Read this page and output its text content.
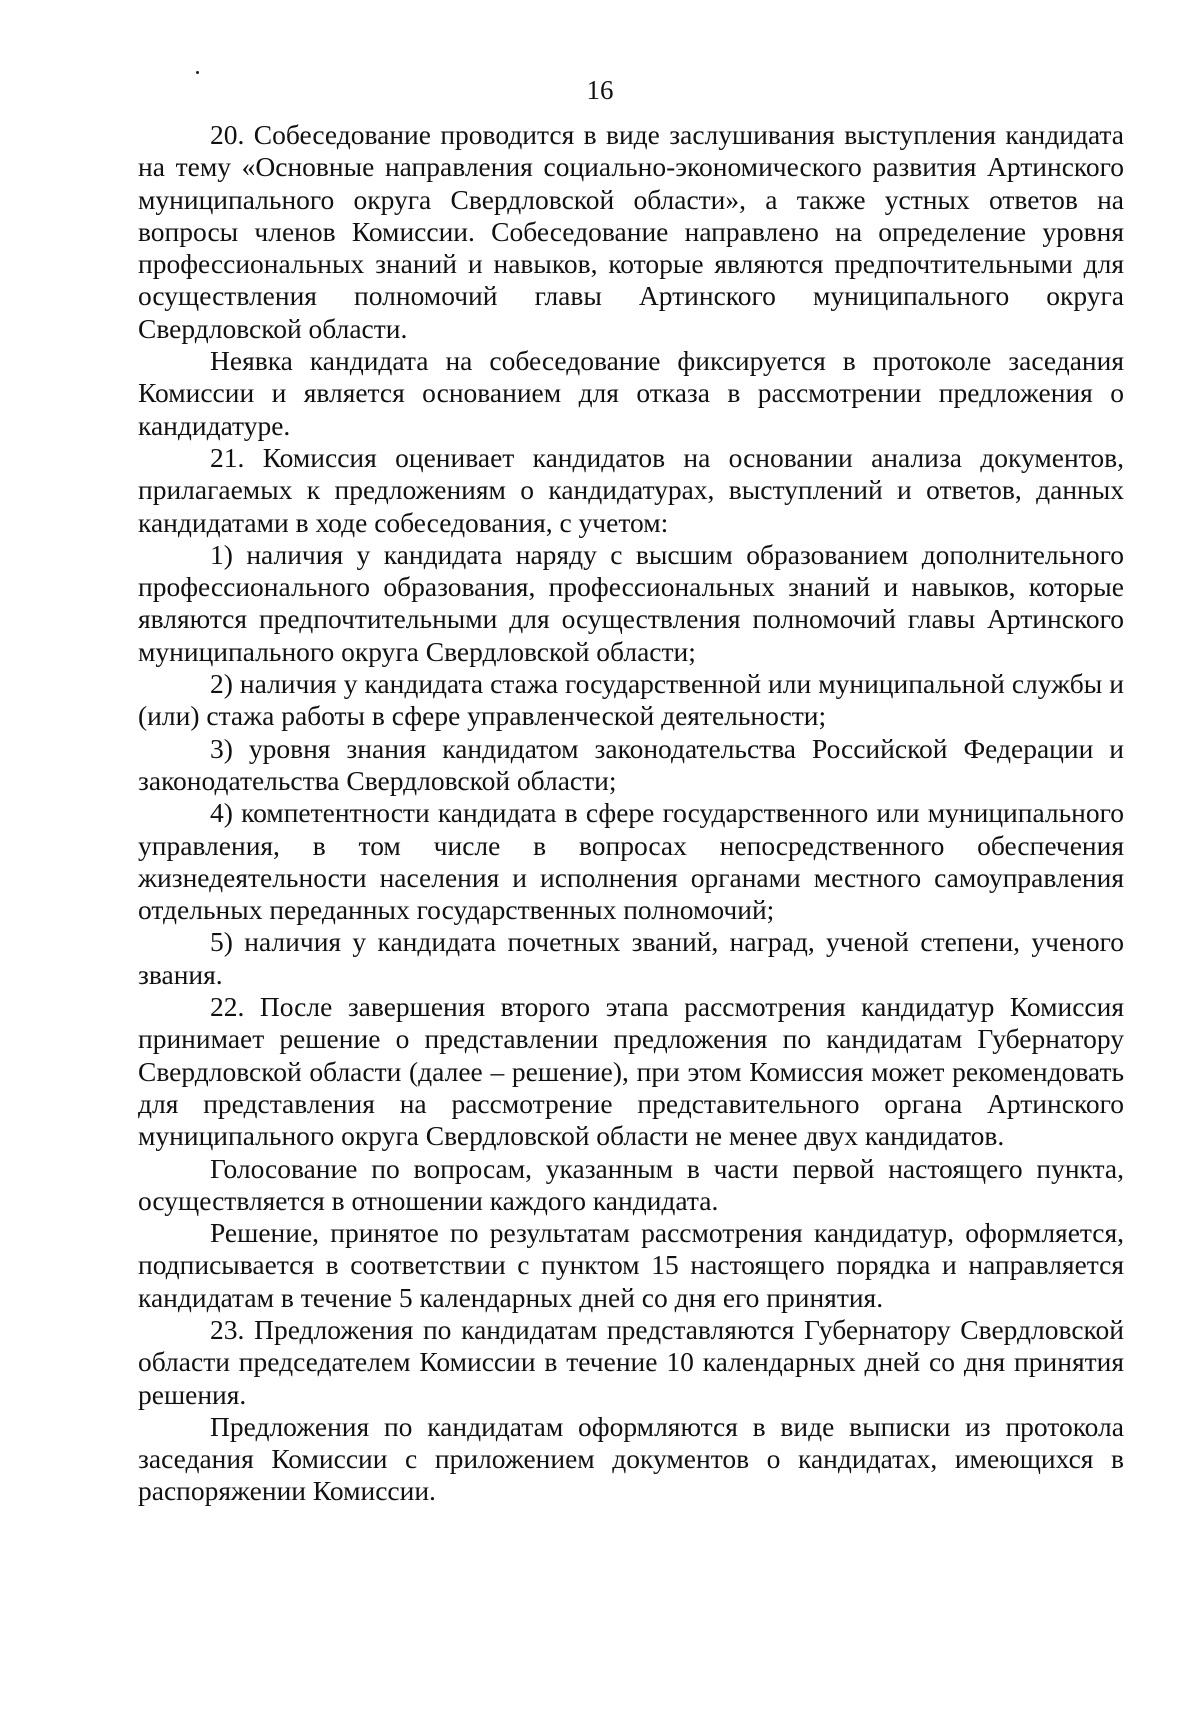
16

20. Собеседование проводится в виде заслушивания выступления кандидата на тему «Основные направления социально-экономического развития Артинского муниципального округа Свердловской области», а также устных ответов на вопросы членов Комиссии. Собеседование направлено на определение уровня профессиональных знаний и навыков, которые являются предпочтительными для осуществления полномочий главы Артинского муниципального округа Свердловской области.

Неявка кандидата на собеседование фиксируется в протоколе заседания Комиссии и является основанием для отказа в рассмотрении предложения о кандидатуре.

21. Комиссия оценивает кандидатов на основании анализа документов, прилагаемых к предложениям о кандидатурах, выступлений и ответов, данных кандидатами в ходе собеседования, с учетом:

1) наличия у кандидата наряду с высшим образованием дополнительного профессионального образования, профессиональных знаний и навыков, которые являются предпочтительными для осуществления полномочий главы Артинского муниципального округа Свердловской области;

2) наличия у кандидата стажа государственной или муниципальной службы и (или) стажа работы в сфере управленческой деятельности;

3) уровня знания кандидатом законодательства Российской Федерации и законодательства Свердловской области;

4) компетентности кандидата в сфере государственного или муниципального управления, в том числе в вопросах непосредственного обеспечения жизнедеятельности населения и исполнения органами местного самоуправления отдельных переданных государственных полномочий;

5) наличия у кандидата почетных званий, наград, ученой степени, ученого звания.

22. После завершения второго этапа рассмотрения кандидатур Комиссия принимает решение о представлении предложения по кандидатам Губернатору Свердловской области (далее – решение), при этом Комиссия может рекомендовать для представления на рассмотрение представительного органа Артинского муниципального округа Свердловской области не менее двух кандидатов.

Голосование по вопросам, указанным в части первой настоящего пункта, осуществляется в отношении каждого кандидата.

Решение, принятое по результатам рассмотрения кандидатур, оформляется, подписывается в соответствии с пунктом 15 настоящего порядка и направляется кандидатам в течение 5 календарных дней со дня его принятия.

23. Предложения по кандидатам представляются Губернатору Свердловской области председателем Комиссии в течение 10 календарных дней со дня принятия решения.

Предложения по кандидатам оформляются в виде выписки из протокола заседания Комиссии с приложением документов о кандидатах, имеющихся в распоряжении Комиссии.
